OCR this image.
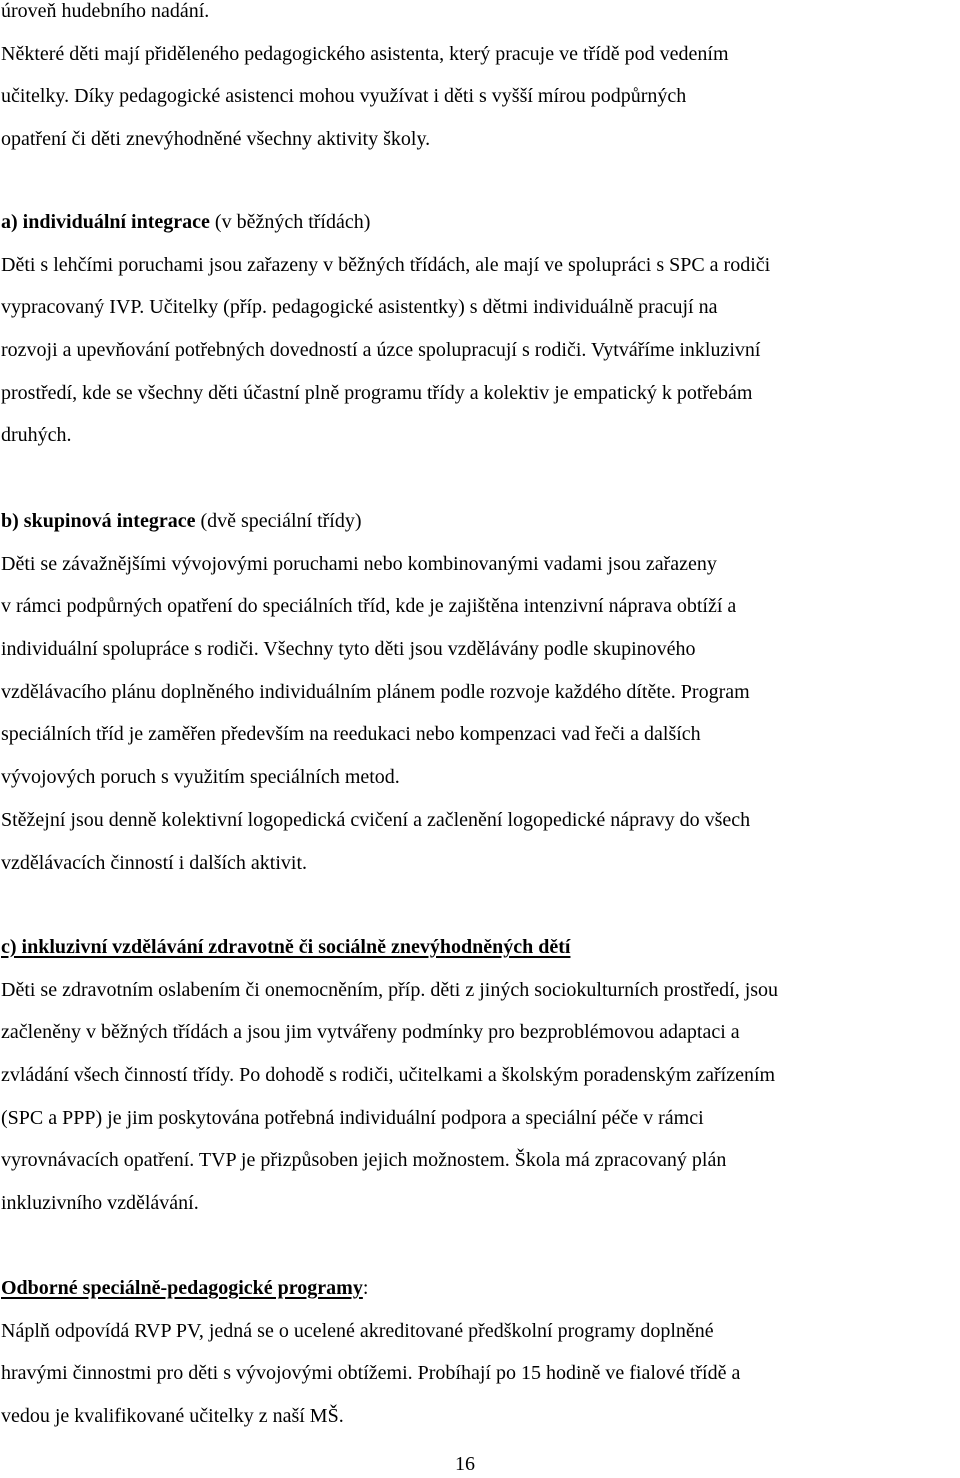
úroveň hudebního nadání.
Některé děti mají přiděleného pedagogického asistenta, který pracuje ve třídě pod vedením
učitelky. Díky pedagogické asistenci mohou využívat i děti s vyšší mírou podpůrných
opatření či děti znevýhodněné všechny aktivity školy.
a) individuální integrace (v běžných třídách)
Děti s lehčími poruchami jsou zařazeny v běžných třídách, ale mají ve spolupráci s SPC a rodiči
vypracovaný IVP. Učitelky (příp. pedagogické asistentky) s dětmi individuálně pracují na
rozvoji a upevňování potřebných dovedností a úzce spolupracují s rodiči. Vytváříme inkluzivní
prostředí, kde se všechny děti účastní plně programu třídy a kolektiv je empatický k potřebám
druhých.
b) skupinová integrace (dvě speciální třídy)
Děti se závažnějšími vývojovými poruchami nebo kombinovanými vadami jsou zařazeny
v rámci podpůrných opatření do speciálních tříd, kde je zajištěna intenzivní náprava obtíží a
individuální spolupráce s rodiči. Všechny tyto děti jsou vzdělávány podle skupinového
vzdělávacího plánu doplněného individuálním plánem podle rozvoje každého dítěte. Program
speciálních tříd je zaměřen především na reedukaci nebo kompenzaci vad řeči a dalších
vývojových poruch s využitím speciálních metod.
Stěžejní jsou denně kolektivní logopedická cvičení a začlenění logopedické nápravy do všech
vzdělávacích činností i dalších aktivit.
c) inkluzivní vzdělávání zdravotně či sociálně znevýhodněných dětí
Děti se zdravotním oslabením či onemocněním, příp. děti z jiných sociokulturních prostředí, jsou
začleněny v běžných třídách a jsou jim vytvářeny podmínky pro bezproblémovou adaptaci a
zvládání všech činností třídy. Po dohodě s rodiči, učitelkami a školským poradenským zařízením
(SPC a PPP) je jim poskytována potřebná individuální podpora a speciální péče v rámci
vyrovnávacích opatření. TVP je přizpůsoben jejich možnostem. Škola má zpracovaný plán
inkluzivního vzdělávání.
Odborné speciálně-pedagogické programy:
Náplň odpovídá RVP PV, jedná se o ucelené akreditované předškolní programy doplněné
hravými činnostmi pro děti s vývojovými obtížemi. Probíhají po 15 hodině ve fialové třídě a
vedou je kvalifikované učitelky z naší MŠ.
16
